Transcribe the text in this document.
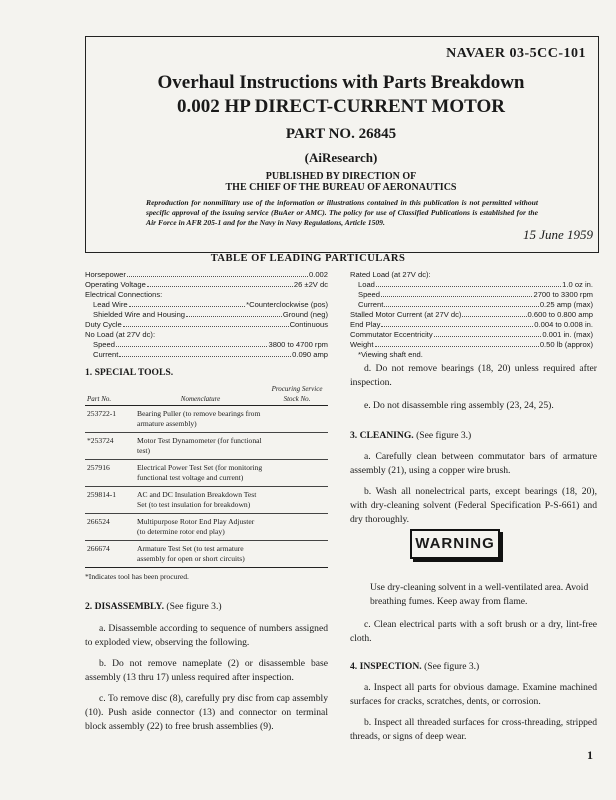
NAVAER 03-5CC-101
Overhaul Instructions with Parts Breakdown
0.002 HP DIRECT-CURRENT MOTOR
PART NO. 26845
(AiResearch)
PUBLISHED BY DIRECTION OF
THE CHIEF OF THE BUREAU OF AERONAUTICS
Reproduction for nonmilitary use of the information or illustrations contained in this publication is not permitted without specific approval of the issuing service (BuAer or AMC). The policy for use of Classified Publications is established for the Air Force in AFR 205-1 and for the Navy in Navy Regulations, Article 1509.
15 June 1959
TABLE OF LEADING PARTICULARS
Horsepower	0.002
Operating Voltage	26 ±2V dc
Electrical Connections:
Lead Wire	*Counterclockwise (pos)
Shielded Wire and Housing	Ground (neg)
Duty Cycle	Continuous
No Load (at 27V dc):
Speed	3800 to 4700 rpm
Current	0.090 amp
Rated Load (at 27V dc):
Load	1.0 oz in.
Speed	2700 to 3300 rpm
Current	0.25 amp (max)
Stalled Motor Current (at 27V dc)	0.600 to 0.800 amp
End Play	0.004 to 0.008 in.
Commutator Eccentricity	0.001 in. (max)
Weight	0.50 lb (approx)
*Viewing shaft end.
1. SPECIAL TOOLS.
Part No.	Nomenclature	Procuring Service Stock No.
253722-1	Bearing Puller (to remove bearings from armature assembly)	
*253724	Motor Test Dynamometer (for functional test)	
257916	Electrical Power Test Set (for monitoring functional test voltage and current)	
259814-1	AC and DC Insulation Breakdown Test Set (to test insulation for breakdown)	
266524	Multipurpose Rotor End Play Adjuster (to determine rotor end play)	
266674	Armature Test Set (to test armature assembly for open or short circuits)	
*Indicates tool has been procured.
2. DISASSEMBLY. (See figure 3.)

a. Disassemble according to sequence of numbers assigned to exploded view, observing the following.

b. Do not remove nameplate (2) or disassemble base assembly (13 thru 17) unless required after inspection.

c. To remove disc (8), carefully pry disc from cap assembly (10). Push aside connector (13) and connector on terminal block assembly (22) to free brush assemblies (9).

d. Do not remove bearings (18, 20) unless required after inspection.

e. Do not disassemble ring assembly (23, 24, 25).

3. CLEANING. (See figure 3.)

a. Carefully clean between commutator bars of armature assembly (21), using a copper wire brush.

b. Wash all nonelectrical parts, except bearings (18, 20), with dry-cleaning solvent (Federal Specification P-S-661) and dry thoroughly.

Use dry-cleaning solvent in a well-ventilated area. Avoid breathing fumes. Keep away from flame.

c. Clean electrical parts with a soft brush or a dry, lint-free cloth.

4. INSPECTION. (See figure 3.)

a. Inspect all parts for obvious damage. Examine machined surfaces for cracks, scratches, dents, or corrosion.

b. Inspect all threaded surfaces for cross-threading, stripped threads, or signs of deep wear.

WARNING
1
